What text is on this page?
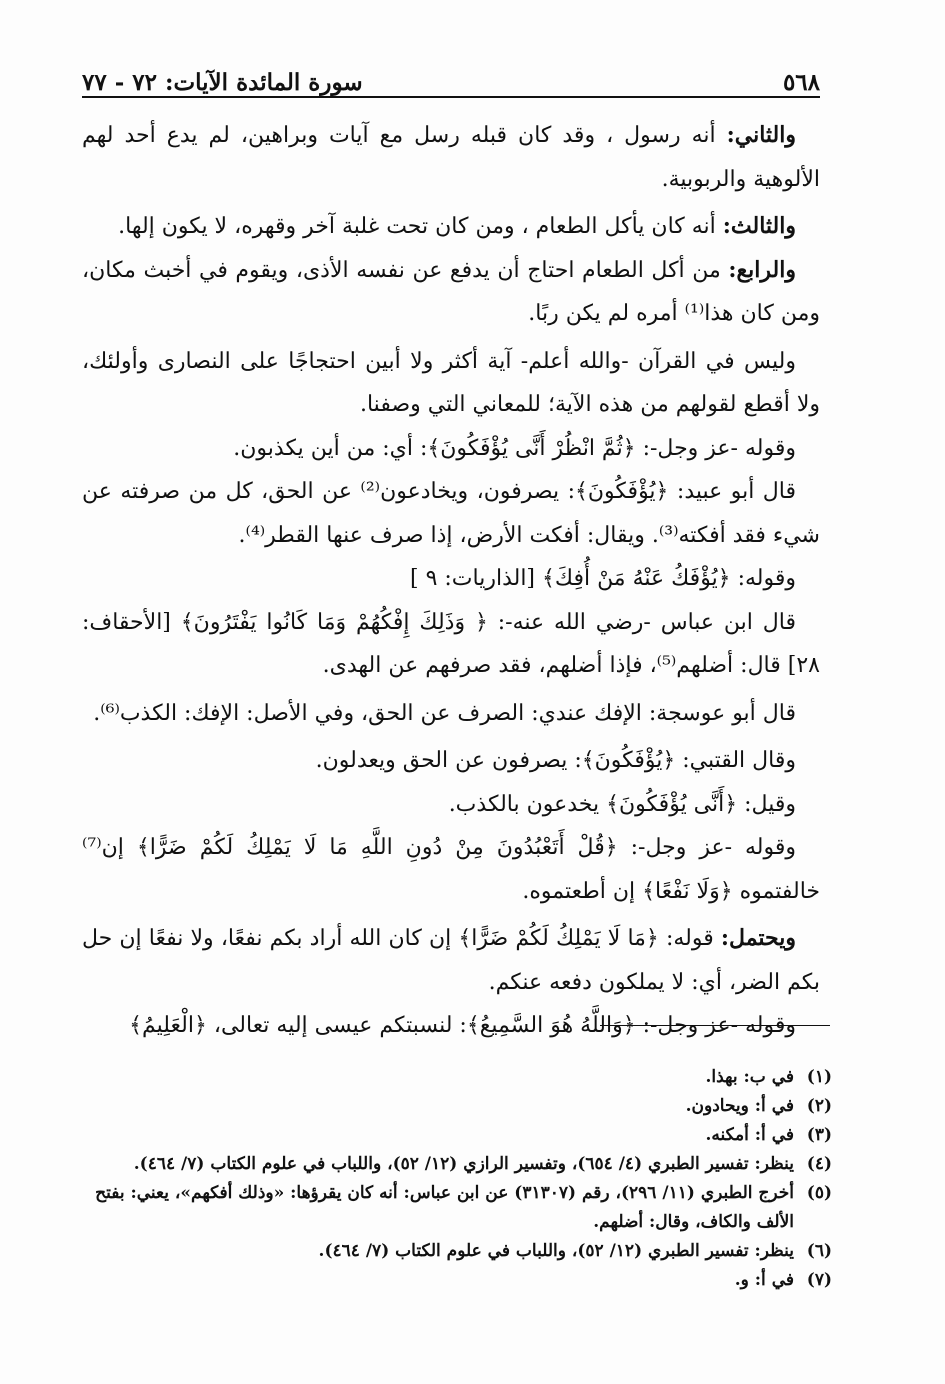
٥٦٨
سورة المائدة الآيات: ٧٢ - ٧٧

والثاني: أنه رسول ، وقد كان قبله رسل مع آيات وبراهين، لم يدع أحد لهم الألوهية والربوبية.

والثالث: أنه كان يأكل الطعام ، ومن كان تحت غلبة آخر وقهره، لا يكون إلها.

والرابع: من أكل الطعام احتاج أن يدفع عن نفسه الأذى، ويقوم في أخبث مكان، ومن كان هذا⁽¹⁾ أمره لم يكن ربًا.

وليس في القرآن -والله أعلم- آية أكثر ولا أبين احتجاجًا على النصارى وأولئك، ولا أقطع لقولهم من هذه الآية؛ للمعاني التي وصفنا.

وقوله -عز وجل-: ﴿ثُمَّ انْظُرْ أَنَّى يُؤْفَكُونَ﴾: أي: من أين يكذبون.

قال أبو عبيد: ﴿يُؤْفَكُونَ﴾: يصرفون، ويخادعون⁽²⁾ عن الحق، كل من صرفته عن شيء فقد أفكته⁽³⁾. ويقال: أفكت الأرض، إذا صرف عنها القطر⁽⁴⁾.

وقوله: ﴿يُؤْفَكُ عَنْهُ مَنْ أُفِكَ﴾ [الذاريات: ٩ ]

قال ابن عباس -رضي الله عنه-: ﴿ وَذَلِكَ إِفْكُهُمْ وَمَا كَانُوا يَفْتَرُونَ﴾ [الأحقاف: ٢٨] قال: أضلهم⁽⁵⁾، فإذا أضلهم، فقد صرفهم عن الهدى.

قال أبو عوسجة: الإفك عندي: الصرف عن الحق، وفي الأصل: الإفك: الكذب⁽⁶⁾.

وقال القتبي: ﴿يُؤْفَكُونَ﴾: يصرفون عن الحق ويعدلون.

وقيل: ﴿أَنَّى يُؤْفَكُونَ﴾ يخدعون بالكذب.

وقوله -عز وجل-: ﴿قُلْ أَتَعْبُدُونَ مِنْ دُونِ اللَّهِ مَا لَا يَمْلِكُ لَكُمْ ضَرًّا﴾ إن⁽⁷⁾ خالفتموه ﴿وَلَا نَفْعًا﴾ إن أطعتموه.

ويحتمل: قوله: ﴿مَا لَا يَمْلِكُ لَكُمْ ضَرًّا﴾ إن كان الله أراد بكم نفعًا، ولا نفعًا إن حل بكم الضر، أي: لا يملكون دفعه عنكم.

وقوله -عز وجل-: ﴿وَاللَّهُ هُوَ السَّمِيعُ﴾: لنسبتكم عيسى إليه تعالى، ﴿الْعَلِيمُ﴾

(١)
في ب: بهذا.
(٢)
في أ: ويحادون.
(٣)
في أ: أمكنه.
(٤)
ينظر: تفسير الطبري (٤/ ٦٥٤)، وتفسير الرازي (١٢/ ٥٢)، واللباب في علوم الكتاب (٧/ ٤٦٤).
(٥)
أخرج الطبري (١١/ ٢٩٦)، رقم (٣١٣٠٧) عن ابن عباس: أنه كان يقرؤها: «وذلك أفكهم»، يعني: بفتح الألف والكاف، وقال: أضلهم.
(٦)
ينظر: تفسير الطبري (١٢/ ٥٢)، واللباب في علوم الكتاب (٧/ ٤٦٤).
(٧)
في أ: و.
